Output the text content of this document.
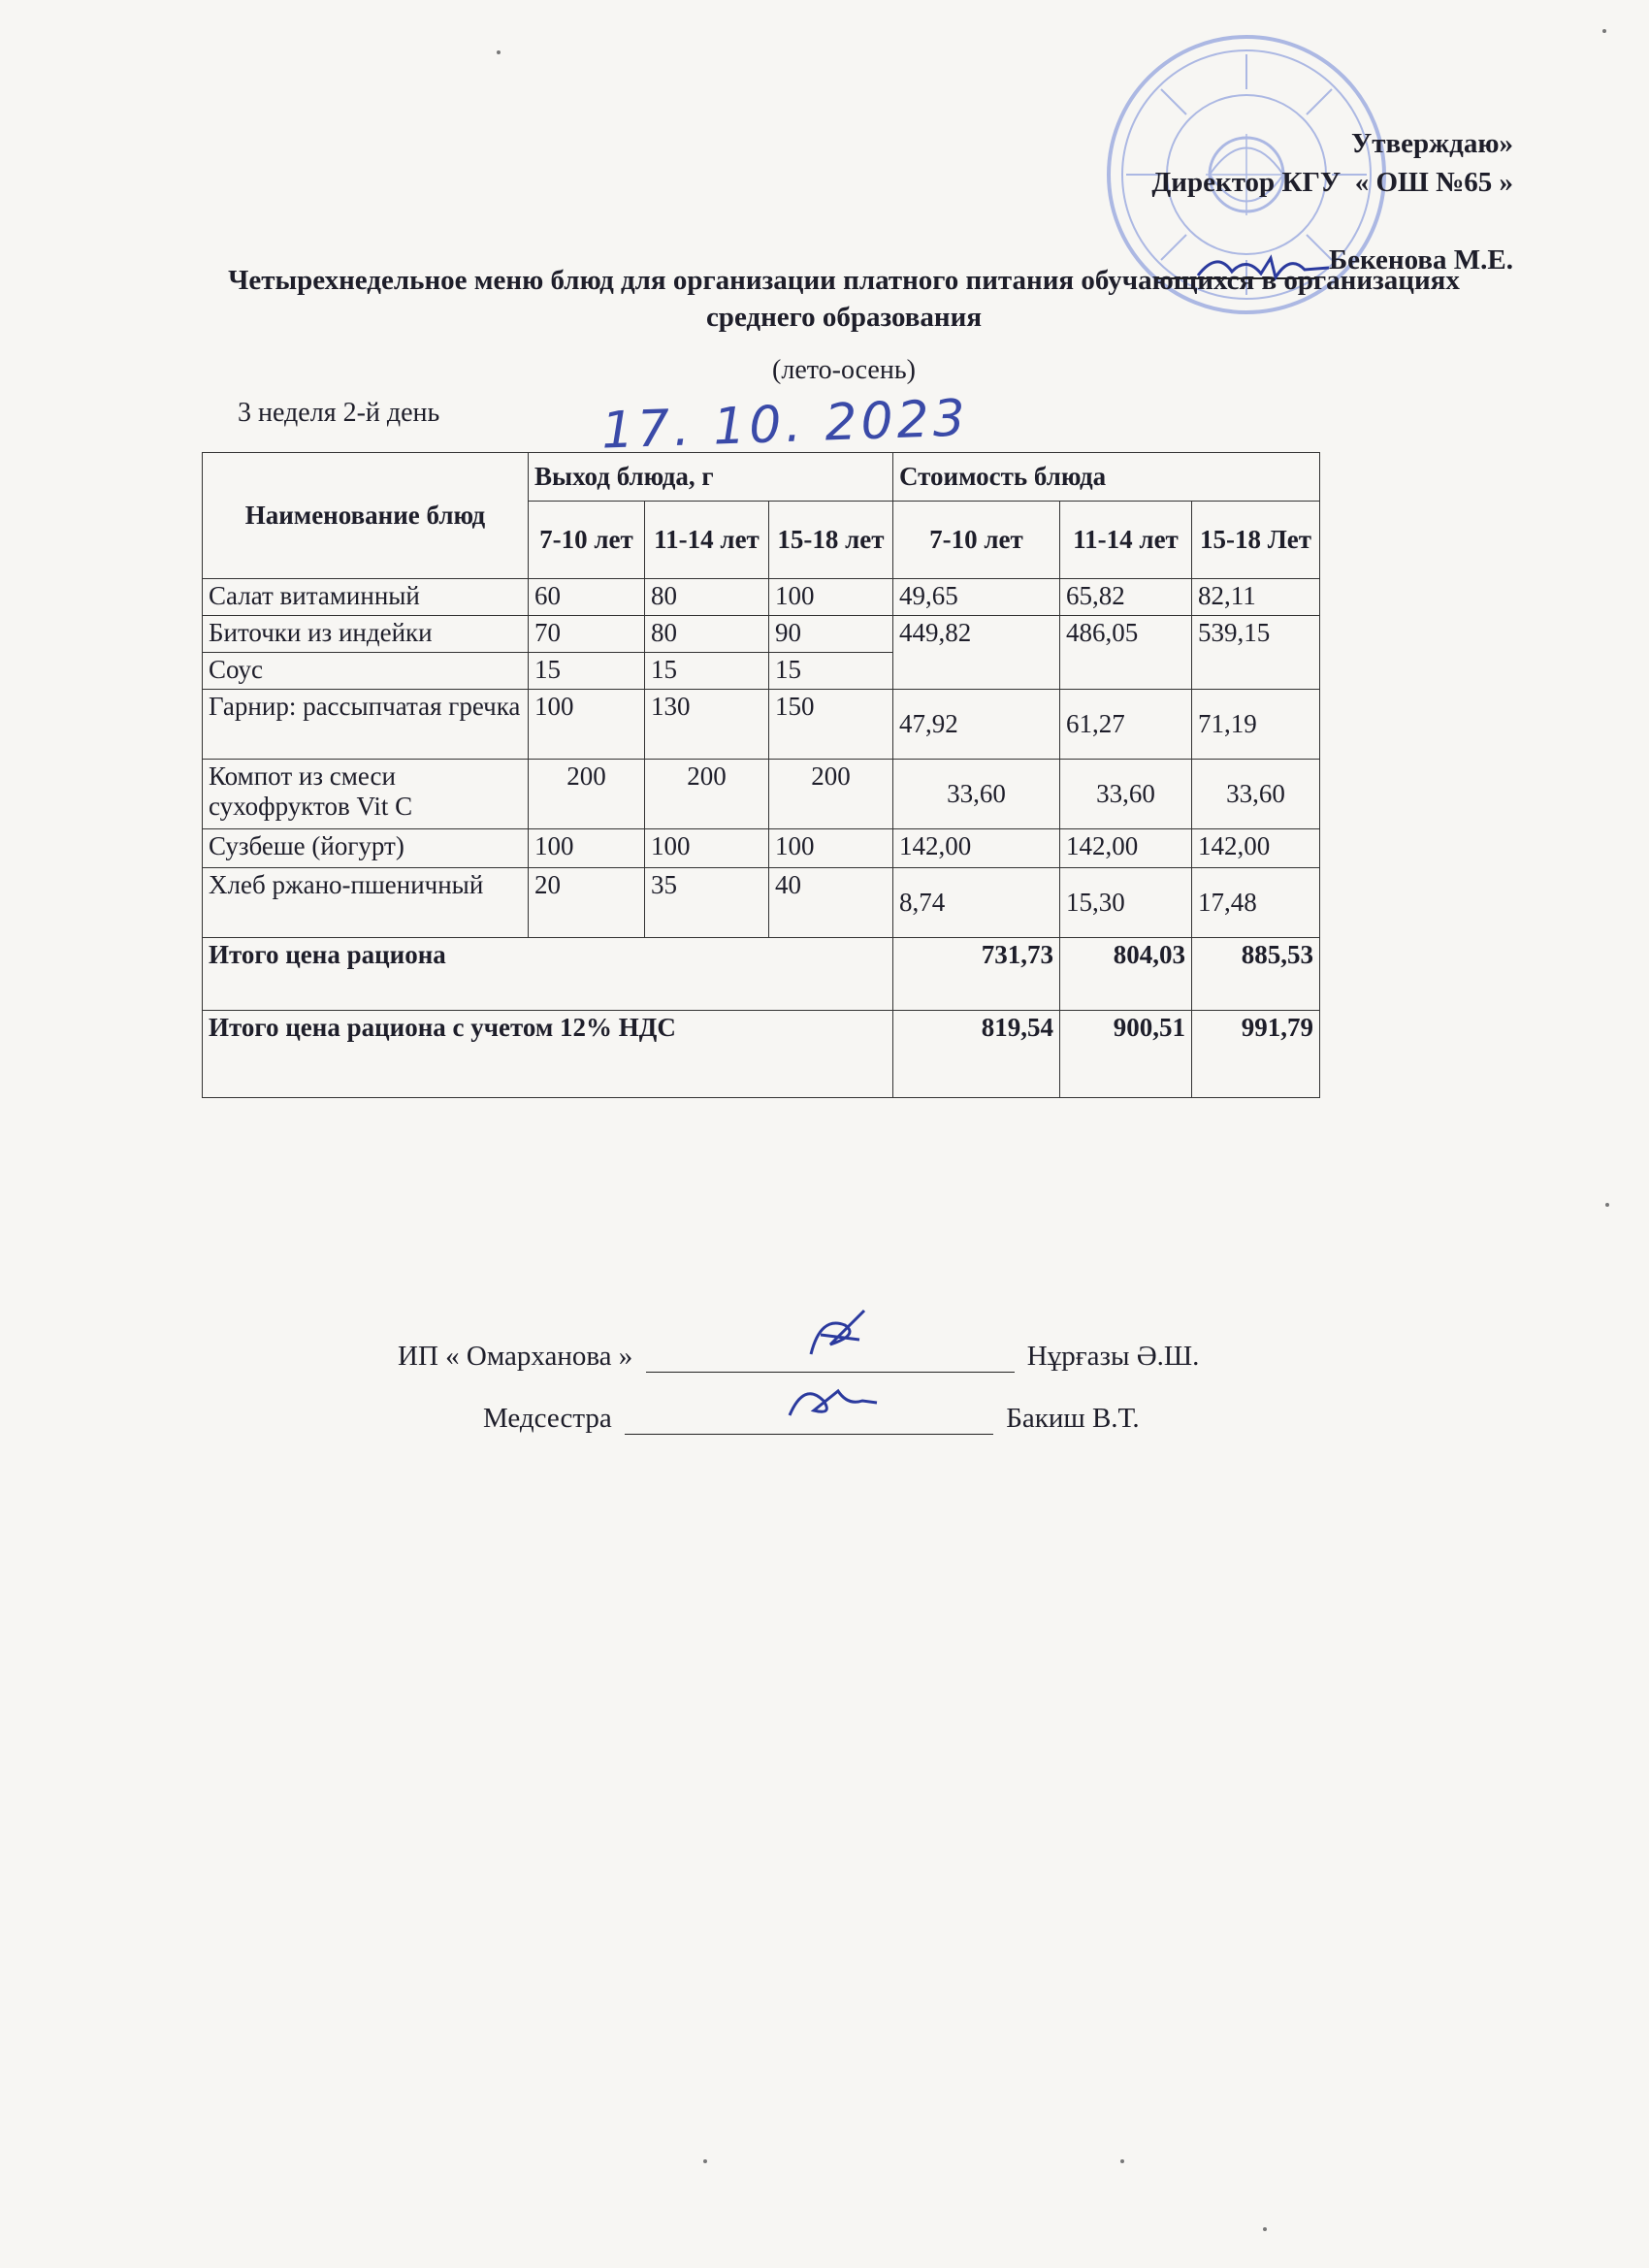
Утверждаю»
Директор КГУ  « ОШ №65 »

Бекенова М.Е.

Четырехнедельное меню блюд для организации платного питания обучающихся в организациях среднего образования
(лето-осень)
3 неделя 2-й день	17. 10. 2023
Наименование блюд	Выход блюда, г			Стоимость блюда		
	7-10 лет	11-14 лет	15-18 лет	7-10 лет	11-14 лет	15-18 Лет
Салат витаминный	60	80	100	49,65	65,82	82,11
Биточки из индейки	70	80	90	449,82	486,05	539,15
Соус	15	15	15			
Гарнир: рассыпчатая гречка	100	130	150	47,92	61,27	71,19
Компот из смеси сухофруктов Vit C	200	200	200	33,60	33,60	33,60
Сузбеше (йогурт)	100	100	100	142,00	142,00	142,00
Хлеб ржано-пшеничный	20	35	40	8,74	15,30	17,48
Итого цена рациона				731,73	804,03	885,53
Итого цена рациона с учетом 12% НДС				819,54	900,51	991,79
ИП « Омарханова »	Нұрғазы Ә.Ш.
Медсестра	Бакиш В.Т.
